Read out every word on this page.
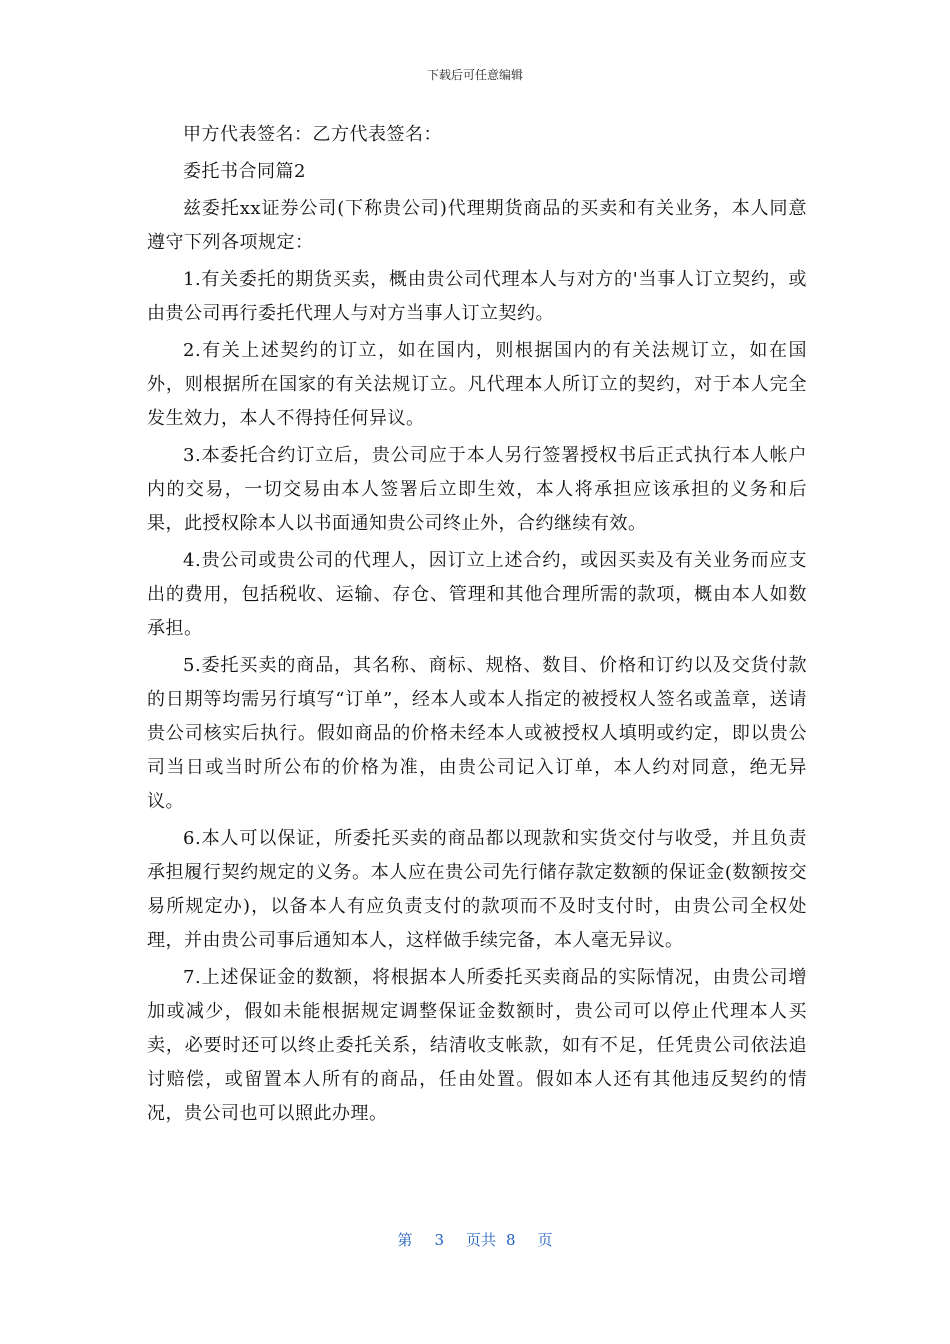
下载后可任意编辑

甲方代表签名：乙方代表签名：

委托书合同篇2

兹委托xx证券公司(下称贵公司)代理期货商品的买卖和有关业务，本人同意遵守下列各项规定：

1.有关委托的期货买卖，概由贵公司代理本人与对方的'当事人订立契约，或由贵公司再行委托代理人与对方当事人订立契约。

2.有关上述契约的订立，如在国内，则根据国内的有关法规订立，如在国外，则根据所在国家的有关法规订立。凡代理本人所订立的契约，对于本人完全发生效力，本人不得持任何异议。

3.本委托合约订立后，贵公司应于本人另行签署授权书后正式执行本人帐户内的交易，一切交易由本人签署后立即生效，本人将承担应该承担的义务和后果，此授权除本人以书面通知贵公司终止外，合约继续有效。

4.贵公司或贵公司的代理人，因订立上述合约，或因买卖及有关业务而应支出的费用，包括税收、运输、存仓、管理和其他合理所需的款项，概由本人如数承担。

5.委托买卖的商品，其名称、商标、规格、数目、价格和订约以及交货付款的日期等均需另行填写“订单”，经本人或本人指定的被授权人签名或盖章，送请贵公司核实后执行。假如商品的价格未经本人或被授权人填明或约定，即以贵公司当日或当时所公布的价格为准，由贵公司记入订单，本人约对同意，绝无异议。

6.本人可以保证，所委托买卖的商品都以现款和实货交付与收受，并且负责承担履行契约规定的义务。本人应在贵公司先行储存款定数额的保证金(数额按交易所规定办)，以备本人有应负责支付的款项而不及时支付时，由贵公司全权处理，并由贵公司事后通知本人，这样做手续完备，本人毫无异议。

7.上述保证金的数额，将根据本人所委托买卖商品的实际情况，由贵公司增加或减少，假如未能根据规定调整保证金数额时，贵公司可以停止代理本人买卖，必要时还可以终止委托关系，结清收支帐款，如有不足，任凭贵公司依法追讨赔偿，或留置本人所有的商品，任由处置。假如本人还有其他违反契约的情况，贵公司也可以照此办理。

第 3 页共 8 页
